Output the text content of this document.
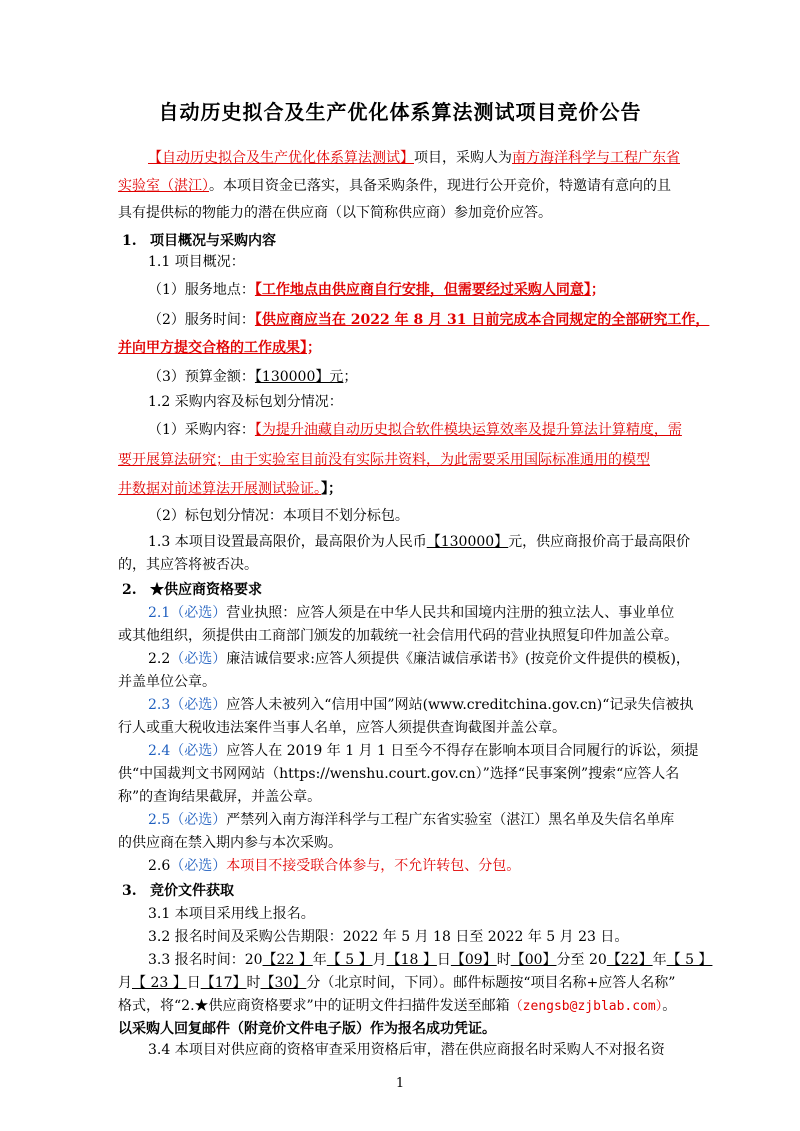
自动历史拟合及生产优化体系算法测试项目竞价公告
【自动历史拟合及生产优化体系算法测试】项目，采购人为南方海洋科学与工程广东省
实验室（湛江）。本项目资金已落实，具备采购条件，现进行公开竞价，特邀请有意向的且
具有提供标的物能力的潜在供应商（以下简称供应商）参加竞价应答。
1. 项目概况与采购内容
1.1 项目概况：
（1）服务地点：【工作地点由供应商自行安排，但需要经过采购人同意】；
（2）服务时间：【供应商应当在 2022 年 8 月 31 日前完成本合同规定的全部研究工作，
并向甲方提交合格的工作成果】；
（3）预算金额：【130000】元；
1.2 采购内容及标包划分情况：
（1）采购内容：【为提升油藏自动历史拟合软件模块运算效率及提升算法计算精度，需
要开展算法研究；由于实验室目前没有实际井资料，为此需要采用国际标准通用的模型
井数据对前述算法开展测试验证。】；
（2）标包划分情况：本项目不划分标包。
1.3 本项目设置最高限价，最高限价为人民币【130000】元，供应商报价高于最高限价
的，其应答将被否决。
2. ★供应商资格要求
2.1（必选）营业执照：应答人须是在中华人民共和国境内注册的独立法人、事业单位
或其他组织，须提供由工商部门颁发的加载统一社会信用代码的营业执照复印件加盖公章。
2.2（必选）廉洁诚信要求:应答人须提供《廉洁诚信承诺书》(按竞价文件提供的模板)，
并盖单位公章。
2.3（必选）应答人未被列入“信用中国”网站(www.creditchina.gov.cn)“记录失信被执
行人或重大税收违法案件当事人名单，应答人须提供查询截图并盖公章。
2.4（必选）应答人在 2019 年 1 月 1 日至今不得存在影响本项目合同履行的诉讼，须提
供“中国裁判文书网网站（https://wenshu.court.gov.cn）”选择“民事案例”搜索“应答人名
称”的查询结果截屏，并盖公章。
2.5（必选）严禁列入南方海洋科学与工程广东省实验室（湛江）黑名单及失信名单库
的供应商在禁入期内参与本次采购。
2.6（必选）本项目不接受联合体参与，不允许转包、分包。
3. 竞价文件获取
3.1 本项目采用线上报名。
3.2 报名时间及采购公告期限：2022 年 5 月 18 日至 2022 年 5 月 23 日。
3.3 报名时间：20【22 】年【 5 】月【18 】日【09】时【00】分至 20【22】年【 5 】
月【 23 】日【17】时【30】分（北京时间，下同）。邮件标题按“项目名称+应答人名称”
格式，将“2.★供应商资格要求”中的证明文件扫描件发送至邮箱（zengsb@zjblab.com）。
以采购人回复邮件（附竞价文件电子版）作为报名成功凭证。
3.4 本项目对供应商的资格审查采用资格后审，潜在供应商报名时采购人不对报名资
1
